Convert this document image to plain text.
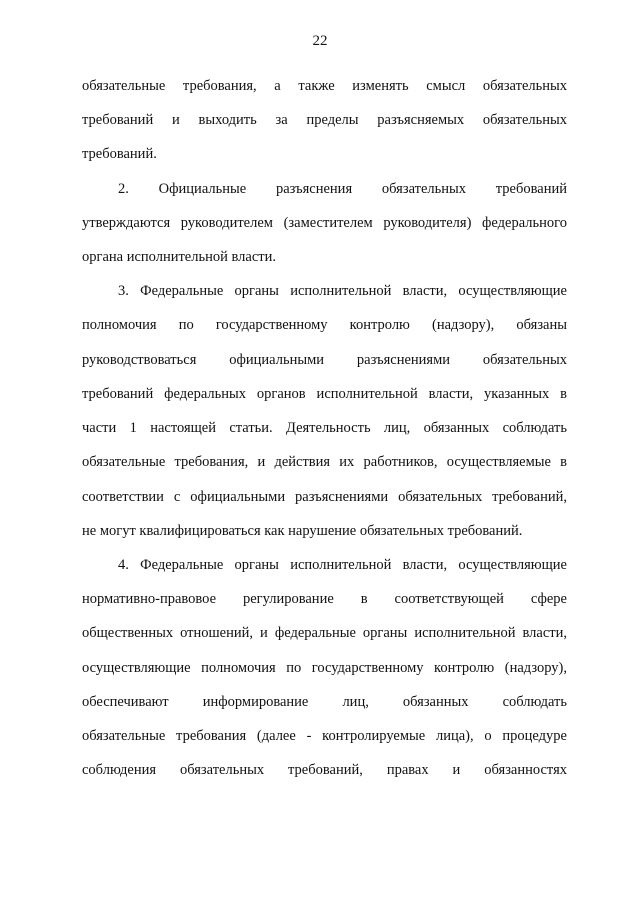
22
обязательные требования, а также изменять смысл обязательных
требований и выходить за пределы разъясняемых обязательных
требований.
2. Официальные разъяснения обязательных требований
утверждаются руководителем (заместителем руководителя) федерального
органа исполнительной власти.
3. Федеральные органы исполнительной власти, осуществляющие
полномочия по государственному контролю (надзору), обязаны
руководствоваться официальными разъяснениями обязательных
требований федеральных органов исполнительной власти, указанных в
части 1 настоящей статьи. Деятельность лиц, обязанных соблюдать
обязательные требования, и действия их работников, осуществляемые в
соответствии с официальными разъяснениями обязательных требований,
не могут квалифицироваться как нарушение обязательных требований.
4. Федеральные органы исполнительной власти, осуществляющие
нормативно-правовое регулирование в соответствующей сфере
общественных отношений, и федеральные органы исполнительной власти,
осуществляющие полномочия по государственному контролю (надзору),
обеспечивают информирование лиц, обязанных соблюдать
обязательные требования (далее - контролируемые лица), о процедуре
соблюдения обязательных требований, правах и обязанностях
